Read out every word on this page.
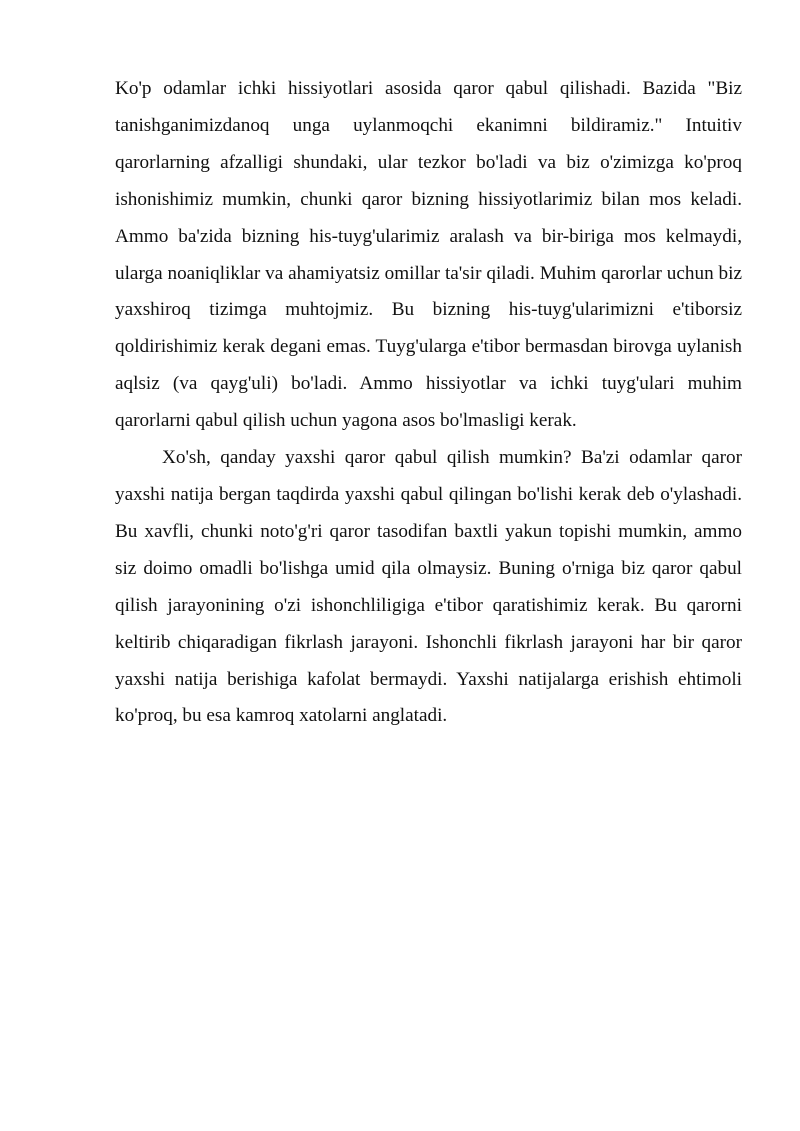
Ko'p odamlar ichki hissiyotlari asosida qaror qabul qilishadi. Bazida "Biz tanishganimizdanoq unga uylanmoqchi ekanimni bildiramiz." Intuitiv qarorlarning afzalligi shundaki, ular tezkor bo'ladi va biz o'zimizga ko'proq ishonishimiz mumkin, chunki qaror bizning hissiyotlarimiz bilan mos keladi. Ammo ba'zida bizning his-tuyg'ularimiz aralash va bir-biriga mos kelmaydi, ularga noaniqliklar va ahamiyatsiz omillar ta'sir qiladi. Muhim qarorlar uchun biz yaxshiroq tizimga muhtojmiz. Bu bizning his-tuyg'ularimizni e'tiborsiz qoldirishimiz kerak degani emas. Tuyg'ularga e'tibor bermasdan birovga uylanish aqlsiz (va qayg'uli) bo'ladi. Ammo hissiyotlar va ichki tuyg'ulari muhim qarorlarni qabul qilish uchun yagona asos bo'lmasligi kerak.

Xo'sh, qanday yaxshi qaror qabul qilish mumkin? Ba'zi odamlar qaror yaxshi natija bergan taqdirda yaxshi qabul qilingan bo'lishi kerak deb o'ylashadi. Bu xavfli, chunki noto'g'ri qaror tasodifan baxtli yakun topishi mumkin, ammo siz doimo omadli bo'lishga umid qila olmaysiz. Buning o'rniga biz qaror qabul qilish jarayonining o'zi ishonchliligiga e'tibor qaratishimiz kerak. Bu qarorni keltirib chiqaradigan fikrlash jarayoni. Ishonchli fikrlash jarayoni har bir qaror yaxshi natija berishiga kafolat bermaydi. Yaxshi natijalarga erishish ehtimoli ko'proq, bu esa kamroq xatolarni anglatadi.
